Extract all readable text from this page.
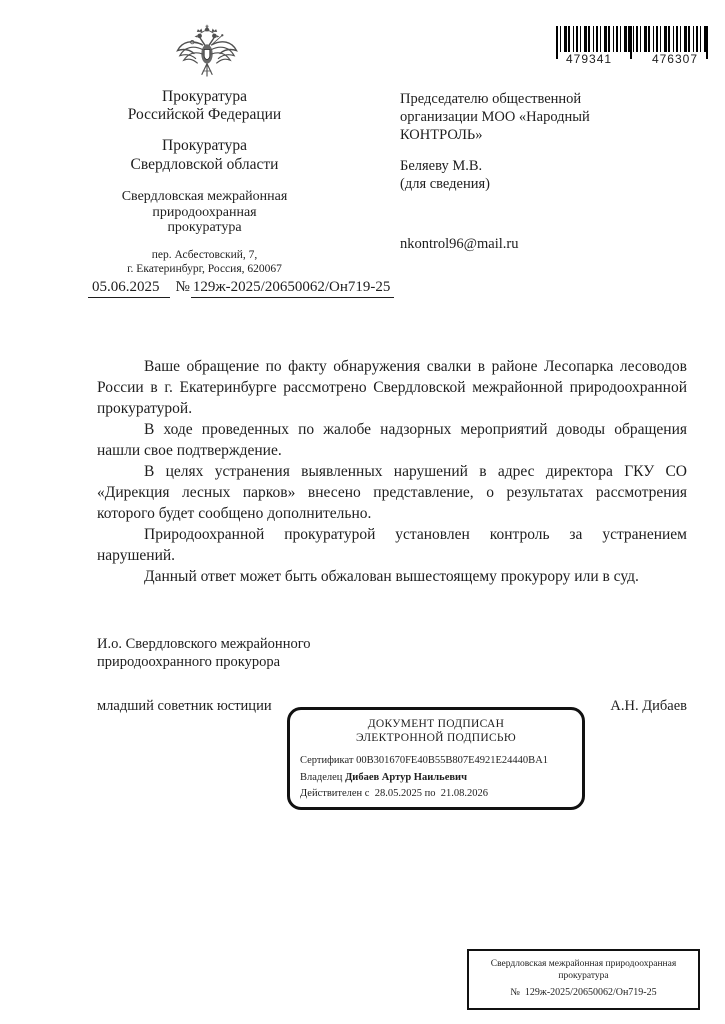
479341	476307
Прокуратура
Российской Федерации
Прокуратура
Свердловской области
Свердловская межрайонная
природоохранная
прокуратура
пер. Асбестовский, 7,
г. Екатеринбург, Россия, 620067
05.06.2025 № 129ж-2025/20650062/Он719-25

Председателю общественной

организации МОО «Народный

КОНТРОЛЬ»

Беляеву М.В.

(для сведения)

nkontrol96@mail.ru

Ваше обращение по факту обнаружения свалки в районе Лесопарка лесоводов России в г. Екатеринбурге рассмотрено Свердловской межрайонной природоохранной прокуратурой.

В ходе проведенных по жалобе надзорных мероприятий доводы обращения нашли свое подтверждение.

В целях устранения выявленных нарушений в адрес директора ГКУ СО «Дирекция лесных парков» внесено представление, о результатах рассмотрения которого будет сообщено дополнительно.

Природоохранной прокуратурой установлен контроль за устранением нарушений.

Данный ответ может быть обжалован вышестоящему прокурору или в суд.

И.о. Свердловского межрайонного

природоохранного прокурора

младший советник юстиции	А.Н. Дибаев
ДОКУМЕНТ ПОДПИСАН
ЭЛЕКТРОННОЙ ПОДПИСЬЮ
Сертификат 00B301670FE40B55B807E4921E24440BA1
Владелец Дибаев Артур Наильевич
Действителен с 28.05.2025 по 21.08.2026
Свердловская межрайонная природоохранная
прокуратура
№ 129ж-2025/20650062/Он719-25
